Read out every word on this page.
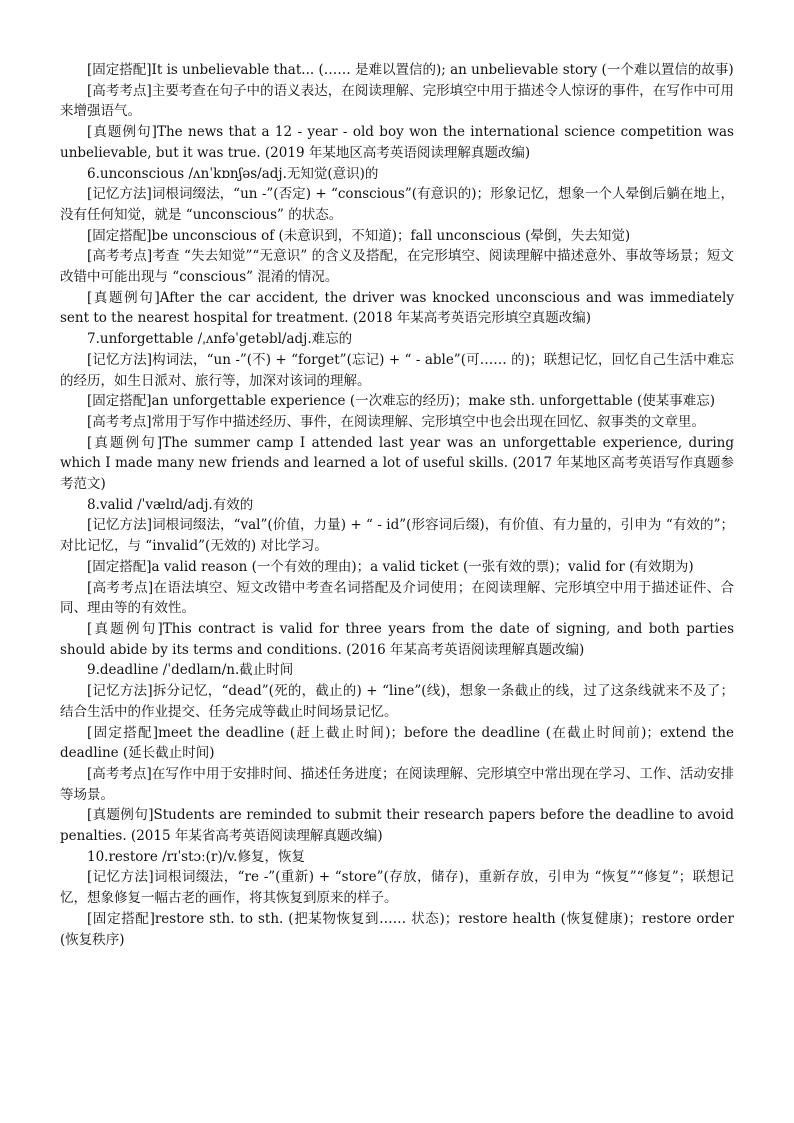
[固定搭配]It is unbelievable that... (…… 是难以置信的); an unbelievable story (一个难以置信的故事)

[高考考点]主要考查在句子中的语义表达，在阅读理解、完形填空中用于描述令人惊讶的事件，在写作中可用来增强语气。

[真题例句]The news that a 12 - year - old boy won the international science competition was unbelievable, but it was true. (2019 年某地区高考英语阅读理解真题改编)

6.unconscious /ʌnˈkɒnʃəs/adj.无知觉(意识)的

[记忆方法]词根词缀法，“un -”(否定) + “conscious”(有意识的)；形象记忆，想象一个人晕倒后躺在地上，没有任何知觉，就是 “unconscious” 的状态。

[固定搭配]be unconscious of (未意识到，不知道)；fall unconscious (晕倒，失去知觉)

[高考考点]考查 “失去知觉”“无意识” 的含义及搭配，在完形填空、阅读理解中描述意外、事故等场景；短文改错中可能出现与 “conscious” 混淆的情况。

[真题例句]After the car accident, the driver was knocked unconscious and was immediately sent to the nearest hospital for treatment. (2018 年某高考英语完形填空真题改编)

7.unforgettable /ˌʌnfəˈgetəbl/adj.难忘的

[记忆方法]构词法，“un -”(不) + “forget”(忘记) + “ - able”(可…… 的)；联想记忆，回忆自己生活中难忘的经历，如生日派对、旅行等，加深对该词的理解。

[固定搭配]an unforgettable experience (一次难忘的经历)；make sth. unforgettable (使某事难忘)

[高考考点]常用于写作中描述经历、事件，在阅读理解、完形填空中也会出现在回忆、叙事类的文章里。

[真题例句]The summer camp I attended last year was an unforgettable experience, during which I made many new friends and learned a lot of useful skills. (2017 年某地区高考英语写作真题参考范文)

8.valid /ˈvælɪd/adj.有效的

[记忆方法]词根词缀法，“val”(价值，力量) + “ - id”(形容词后缀)，有价值、有力量的，引申为 “有效的”；对比记忆，与 “invalid”(无效的) 对比学习。

[固定搭配]a valid reason (一个有效的理由)；a valid ticket (一张有效的票)；valid for (有效期为)

[高考考点]在语法填空、短文改错中考查名词搭配及介词使用；在阅读理解、完形填空中用于描述证件、合同、理由等的有效性。

[真题例句]This contract is valid for three years from the date of signing, and both parties should abide by its terms and conditions. (2016 年某高考英语阅读理解真题改编)

9.deadline /ˈdedlaɪn/n.截止时间

[记忆方法]拆分记忆，“dead”(死的，截止的) + “line”(线)，想象一条截止的线，过了这条线就来不及了；结合生活中的作业提交、任务完成等截止时间场景记忆。

[固定搭配]meet the deadline (赶上截止时间)；before the deadline (在截止时间前)；extend the deadline (延长截止时间)

[高考考点]在写作中用于安排时间、描述任务进度；在阅读理解、完形填空中常出现在学习、工作、活动安排等场景。

[真题例句]Students are reminded to submit their research papers before the deadline to avoid penalties. (2015 年某省高考英语阅读理解真题改编)

10.restore /rɪˈstɔː(r)/v.修复，恢复

[记忆方法]词根词缀法，“re -”(重新) + “store”(存放，储存)，重新存放，引申为 “恢复”“修复”；联想记忆，想象修复一幅古老的画作，将其恢复到原来的样子。

[固定搭配]restore sth. to sth. (把某物恢复到…… 状态)；restore health (恢复健康)；restore order (恢复秩序)
